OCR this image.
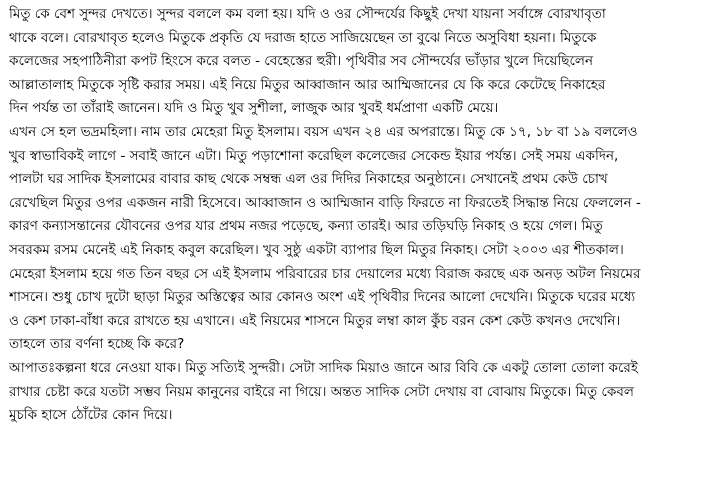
মিতু কে বেশ সুন্দর দেখতে। সুন্দর বললে কম বলা হয়। যদি ও ওর সৌন্দর্যের কিছুই দেখা যায়না সর্বাঙ্গে বোরখাবৃতা
থাকে বলে। বোরখাবৃত হলেও মিতুকে প্রকৃতি যে দরাজ হাতে সাজিয়েছেন তা বুঝে নিতে অসুবিধা হয়না। মিতুকে
কলেজের সহপাঠিনীরা কপট হিংসে করে বলত - বেহেস্তের হুরী। পৃথিবীর সব সৌন্দর্যের ভাঁড়ার খুলে দিয়েছিলেন
আল্লাতালাহ মিতুকে সৃষ্টি করার সময়। এই নিয়ে মিতুর আব্বাজান আর আম্মিজানের যে কি করে কেটেছে নিকাহের
দিন পর্যন্ত তা তাঁরাই জানেন। যদি ও মিতু খুব সুশীলা, লাজুক আর খুবই ধর্মপ্রাণা একটি মেয়ে।
এখন সে হল ভদ্রমহিলা। নাম তার মেহেরা মিতু ইসলাম। বয়স এখন ২৪ এর অপরান্তে। মিতু কে ১৭, ১৮ বা ১৯ বললেও
খুব স্বাভাবিকই লাগে - সবাই জানে এটা। মিতু পড়াশোনা করেছিল কলেজের সেকেন্ড ইয়ার পর্যন্ত। সেই সময় একদিন,
পালটা ঘর সাদিক ইসলামের বাবার কাছ থেকে সম্বন্ধ এল ওর দিদির নিকাহের অনুষ্ঠানে। সেখানেই প্রথম কেউ চোখ
রেখেছিল মিতুর ওপর একজন নারী হিসেবে। আব্বাজান ও আম্মিজান বাড়ি ফিরতে না ফিরতেই সিদ্ধান্ত নিয়ে ফেললেন -
কারণ কন্যাসন্তানের যৌবনের ওপর যার প্রথম নজর পড়েছে, কন্যা তারই। আর তড়িঘড়ি নিকাহ ও হয়ে গেল। মিতু
সবরকম রসম মেনেই এই নিকাহ কবুল করেছিল। খুব সুষ্ঠু একটা ব্যাপার ছিল মিতুর নিকাহ। সেটা ২০০৩ এর শীতকাল।
মেহেরা ইসলাম হয়ে গত তিন বছর সে এই ইসলাম পরিবারের চার দেয়ালের মধ্যে বিরাজ করছে এক অনড় অটল নিয়মের
শাসনে। শুধু চোখ দুটো ছাড়া মিতুর অস্তিত্বের আর কোনও অংশ এই পৃথিবীর দিনের আলো দেখেনি। মিতুকে ঘরের মধ্যে
ও কেশ ঢাকা-বাঁধা করে রাখতে হয় এখানে। এই নিয়মের শাসনে মিতুর লম্বা কাল কুঁচ বরন কেশ কেউ কখনও দেখেনি।
তাহলে তার বর্ণনা হচ্ছে কি করে?
আপাতঃকল্পনা ধরে নেওয়া যাক। মিতু সত্যিই সুন্দরী। সেটা সাদিক মিয়াও জানে আর বিবি কে একটু তোলা তোলা করেই
রাখার চেষ্টা করে যতটা সম্ভব নিয়ম কানুনের বাইরে না গিয়ে। অন্তত সাদিক সেটা দেখায় বা বোঝায় মিতুকে। মিতু কেবল
মুচকি হাসে ঠোঁটের কোন দিয়ে।
